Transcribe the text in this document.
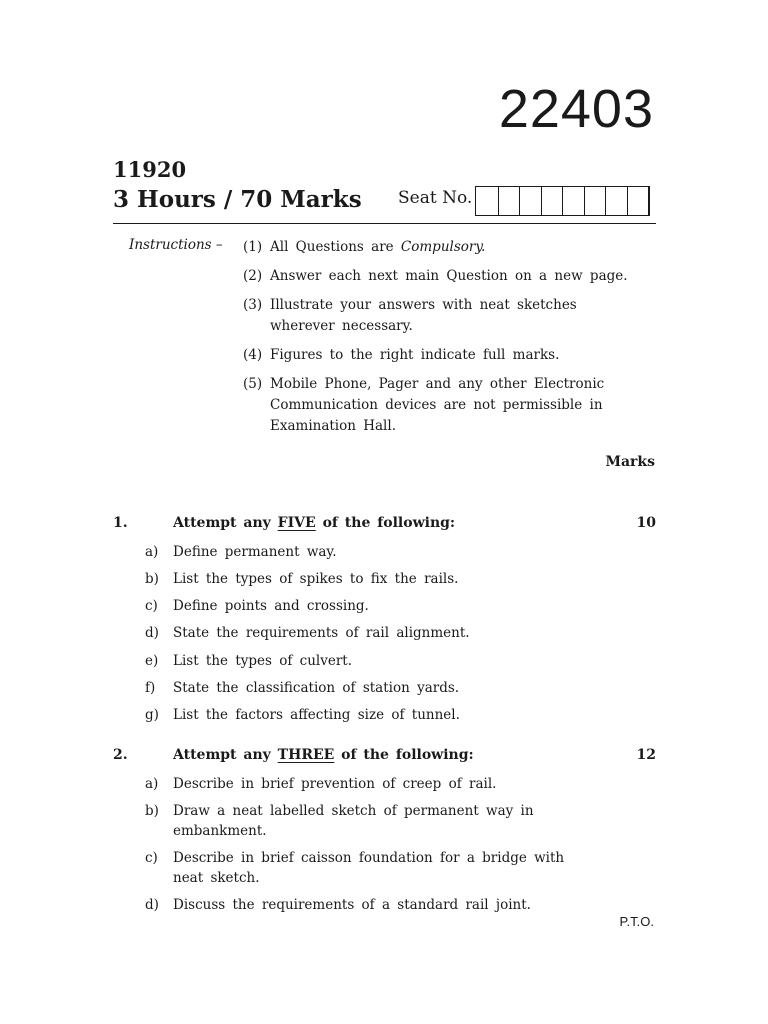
22403
11920
3 Hours / 70 Marks Seat No.
Instructions – (1) All Questions are Compulsory.
(2) Answer each next main Question on a new page.
(3) Illustrate your answers with neat sketches wherever necessary.
(4) Figures to the right indicate full marks.
(5) Mobile Phone, Pager and any other Electronic Communication devices are not permissible in Examination Hall.
Marks
1.	Attempt any FIVE of the following:	10
a)	Define permanent way.
b)	List the types of spikes to fix the rails.
c)	Define points and crossing.
d)	State the requirements of rail alignment.
e)	List the types of culvert.
f)	State the classification of station yards.
g)	List the factors affecting size of tunnel.
2.	Attempt any THREE of the following:	12
a)	Describe in brief prevention of creep of rail.
b)	Draw a neat labelled sketch of permanent way in embankment.
c)	Describe in brief caisson foundation for a bridge with neat sketch.
d)	Discuss the requirements of a standard rail joint.
P.T.O.
